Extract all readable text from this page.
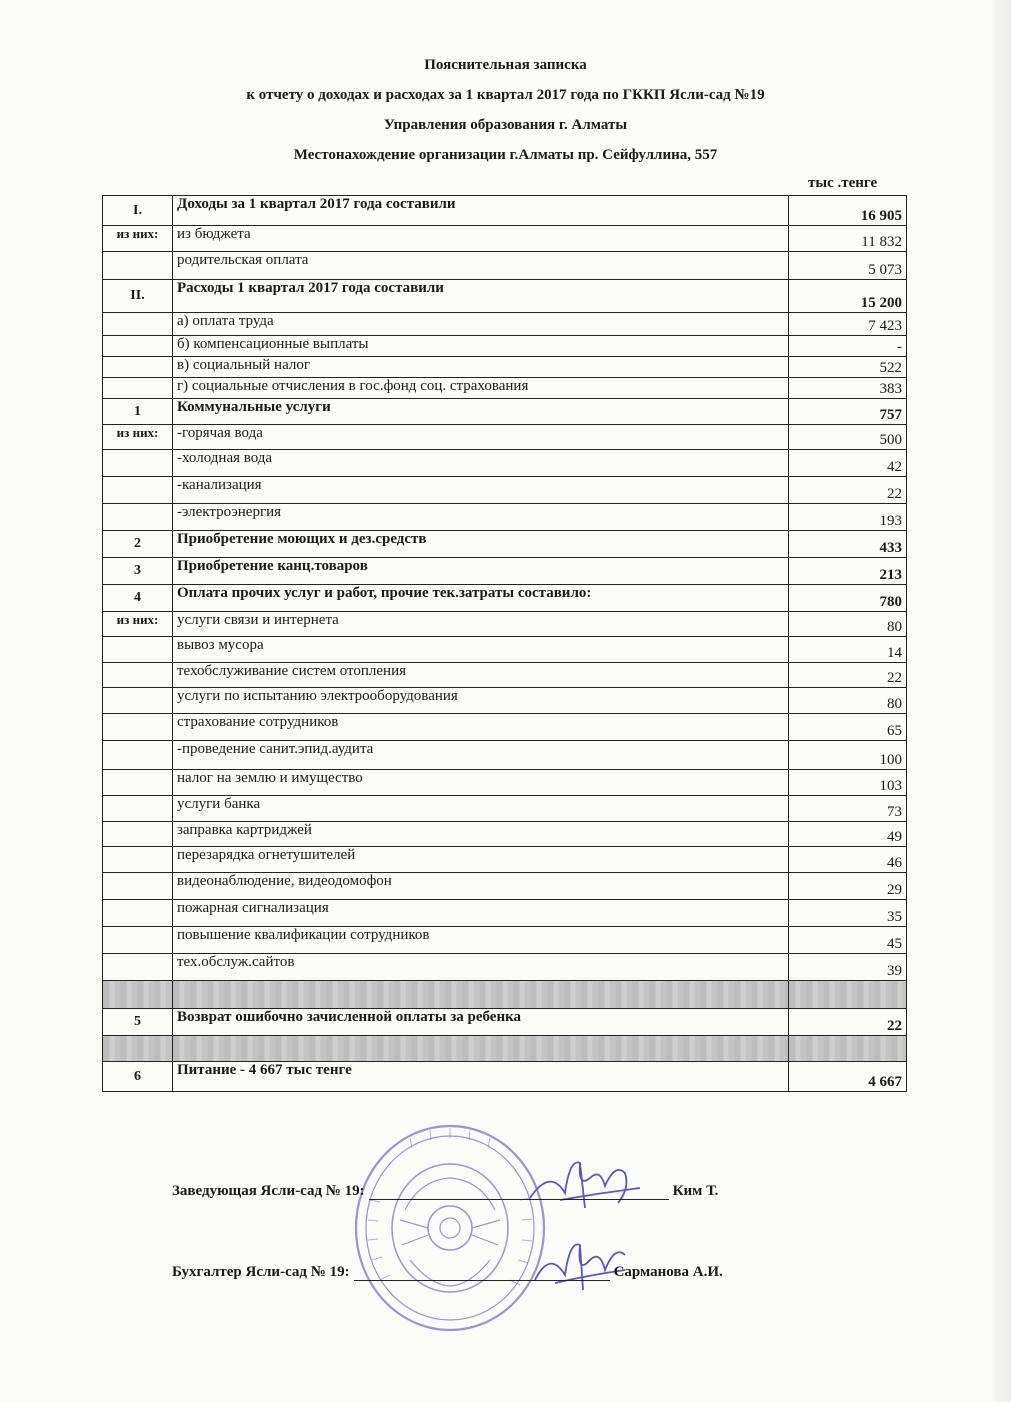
Пояснительная записка
к отчету о доходах и расходах за 1 квартал 2017 года по ГККП Ясли-сад №19
Управления образования г. Алматы
Местонахождение организации г.Алматы пр. Сейфуллина, 557
тыс .тенге
I.	Доходы за 1 квартал 2017 года составили	16 905
из них:	из бюджета	11 832
	родительская оплата	5 073
II.	Расходы 1 квартал 2017 года составили	15 200
	а) оплата труда	7 423
	б) компенсационные выплаты	-
	в) социальный налог	522
	г) социальные отчисления в гос.фонд соц. страхования	383
1	Коммунальные услуги	757
из них:	-горячая вода	500
	-холодная вода	42
	-канализация	22
	-электроэнергия	193
2	Приобретение моющих и дез.средств	433
3	Приобретение канц.товаров	213
4	Оплата прочих услуг и работ, прочие тек.затраты составило:	780
из них:	услуги связи и интернета	80
	вывоз мусора	14
	техобслуживание систем отопления	22
	услуги по испытанию электрооборудования	80
	страхование сотрудников	65
	-проведение санит.эпид.аудита	100
	налог на землю и имущество	103
	услуги банка	73
	заправка картриджей	49
	перезарядка огнетушителей	46
	видеонаблюдение, видеодомофон	29
	пожарная сигнализация	35
	повышение квалификации сотрудников	45
	тех.обслуж.сайтов	39

5	Возврат ошибочно зачисленной оплаты за ребенка	22

6	Питание - 4 667 тыс тенге	4 667
Заведующая Ясли-сад № 19:	Ким Т.
Бухгалтер Ясли-сад № 19:	Сарманова А.И.
